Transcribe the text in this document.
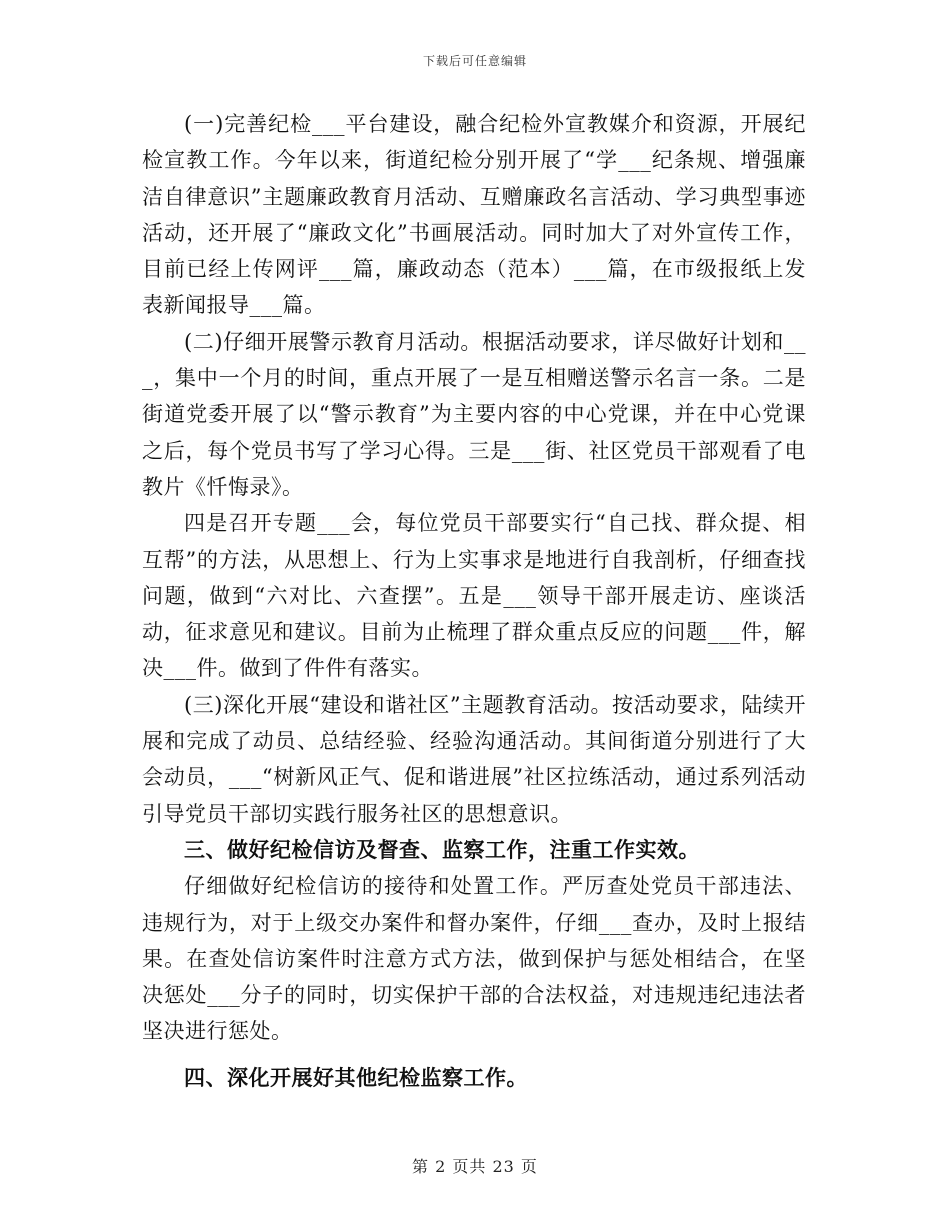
下载后可任意编辑

(一)完善纪检___平台建设，融合纪检外宣教媒介和资源，开展纪检宣教工作。今年以来，街道纪检分别开展了“学___纪条规、增强廉洁自律意识”主题廉政教育月活动、互赠廉政名言活动、学习典型事迹活动，还开展了“廉政文化”书画展活动。同时加大了对外宣传工作，目前已经上传网评___篇，廉政动态（范本）___篇，在市级报纸上发表新闻报导___篇。

(二)仔细开展警示教育月活动。根据活动要求，详尽做好计划和___，集中一个月的时间，重点开展了一是互相赠送警示名言一条。二是街道党委开展了以“警示教育”为主要内容的中心党课，并在中心党课之后，每个党员书写了学习心得。三是___街、社区党员干部观看了电教片《忏悔录》。

四是召开专题___会，每位党员干部要实行“自己找、群众提、相互帮”的方法，从思想上、行为上实事求是地进行自我剖析，仔细查找问题，做到“六对比、六查摆”。五是___领导干部开展走访、座谈活动，征求意见和建议。目前为止梳理了群众重点反应的问题___件，解决___件。做到了件件有落实。

(三)深化开展“建设和谐社区”主题教育活动。按活动要求，陆续开展和完成了动员、总结经验、经验沟通活动。其间街道分别进行了大会动员，___“树新风正气、促和谐进展”社区拉练活动，通过系列活动引导党员干部切实践行服务社区的思想意识。

三、做好纪检信访及督查、监察工作，注重工作实效。

仔细做好纪检信访的接待和处置工作。严厉查处党员干部违法、违规行为，对于上级交办案件和督办案件，仔细___查办，及时上报结果。在查处信访案件时注意方式方法，做到保护与惩处相结合，在坚决惩处___分子的同时，切实保护干部的合法权益，对违规违纪违法者坚决进行惩处。

四、深化开展好其他纪检监察工作。

第 2 页共 23 页
